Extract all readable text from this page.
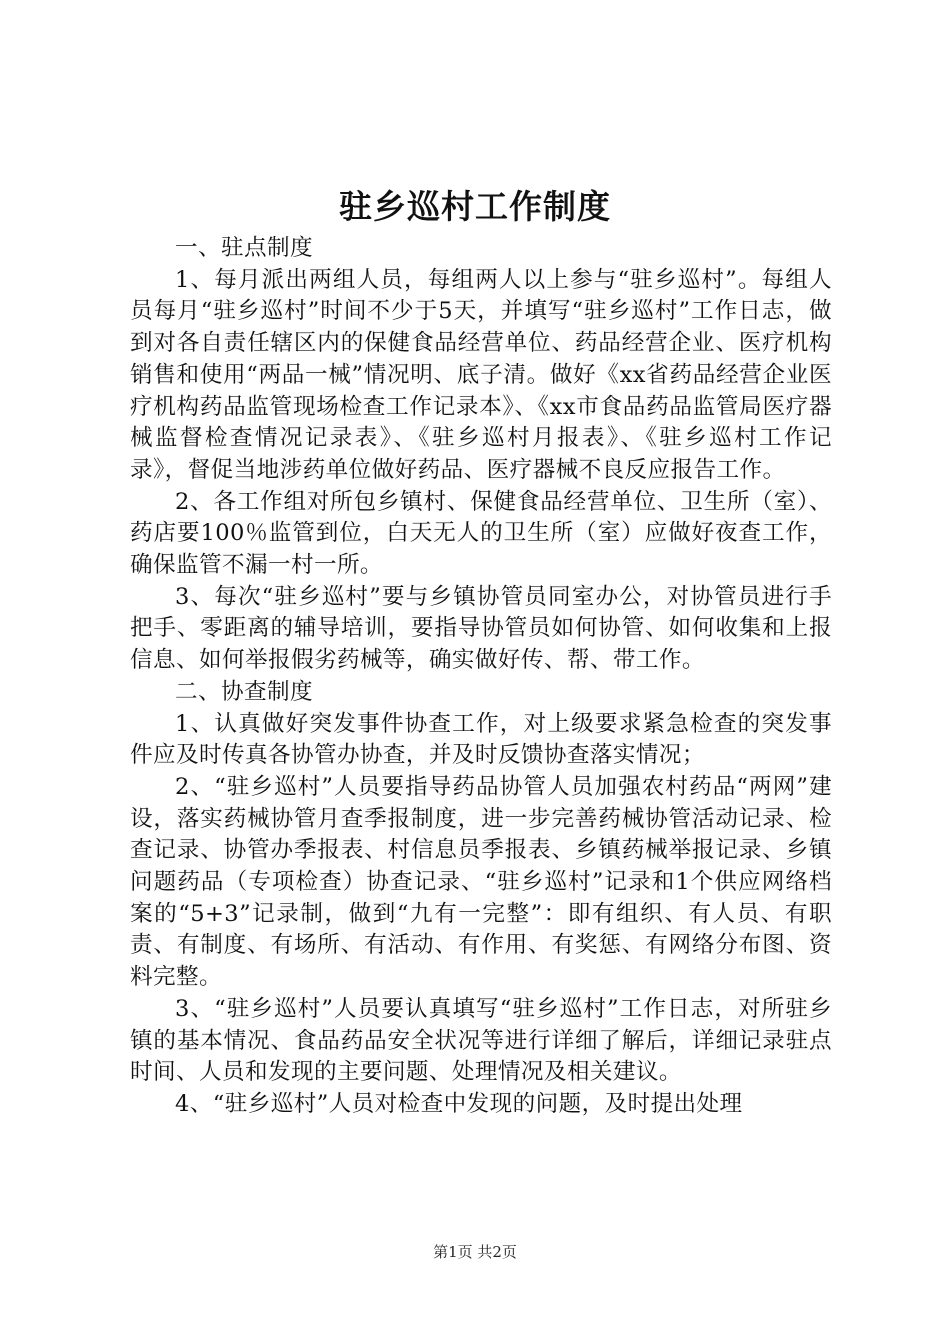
驻乡巡村工作制度

一、驻点制度

1、每月派出两组人员，每组两人以上参与“驻乡巡村”。每组人员每月“驻乡巡村”时间不少于5天，并填写“驻乡巡村”工作日志，做到对各自责任辖区内的保健食品经营单位、药品经营企业、医疗机构销售和使用“两品一械”情况明、底子清。做好《xx省药品经营企业医疗机构药品监管现场检查工作记录本》、《xx市食品药品监管局医疗器械监督检查情况记录表》、《驻乡巡村月报表》、《驻乡巡村工作记录》，督促当地涉药单位做好药品、医疗器械不良反应报告工作。

2、各工作组对所包乡镇村、保健食品经营单位、卫生所（室）、药店要100％监管到位，白天无人的卫生所（室）应做好夜查工作，确保监管不漏一村一所。

3、每次“驻乡巡村”要与乡镇协管员同室办公，对协管员进行手把手、零距离的辅导培训，要指导协管员如何协管、如何收集和上报信息、如何举报假劣药械等，确实做好传、帮、带工作。

二、协查制度

1、认真做好突发事件协查工作，对上级要求紧急检查的突发事件应及时传真各协管办协查，并及时反馈协查落实情况；

2、“驻乡巡村”人员要指导药品协管人员加强农村药品“两网”建设，落实药械协管月查季报制度，进一步完善药械协管活动记录、检查记录、协管办季报表、村信息员季报表、乡镇药械举报记录、乡镇问题药品（专项检查）协查记录、“驻乡巡村”记录和1个供应网络档案的“5+3”记录制，做到“九有一完整”：即有组织、有人员、有职责、有制度、有场所、有活动、有作用、有奖惩、有网络分布图、资料完整。

3、“驻乡巡村”人员要认真填写“驻乡巡村”工作日志，对所驻乡镇的基本情况、食品药品安全状况等进行详细了解后，详细记录驻点时间、人员和发现的主要问题、处理情况及相关建议。

4、“驻乡巡村”人员对检查中发现的问题，及时提出处理

第1页 共2页
